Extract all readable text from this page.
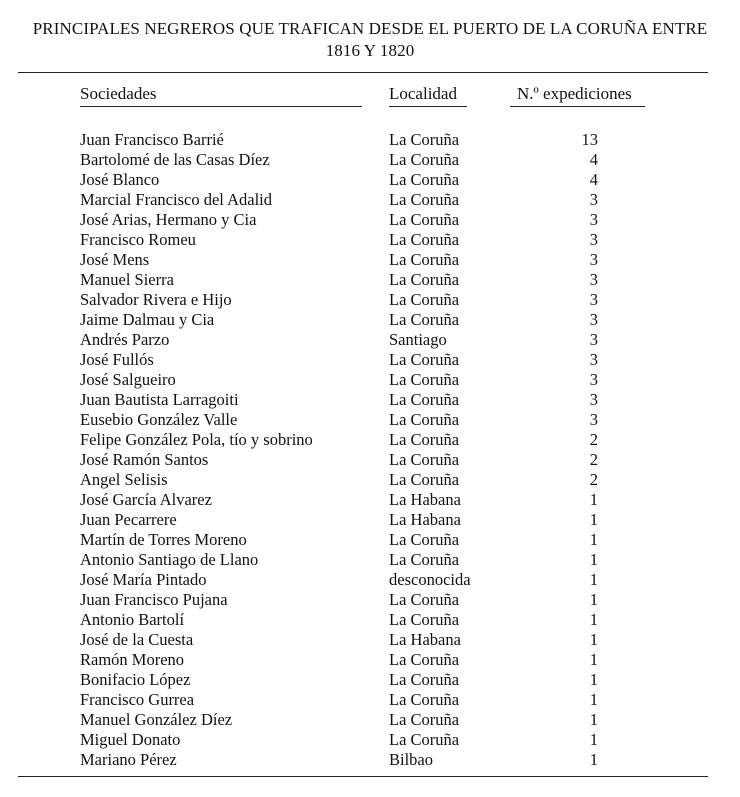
PRINCIPALES NEGREROS QUE TRAFICAN DESDE EL PUERTO DE LA CORUÑA ENTRE
1816 Y 1820
Sociedades	Localidad	N.º expediciones
Juan Francisco Barrié	La Coruña	13
Bartolomé de las Casas Díez	La Coruña	4
José Blanco	La Coruña	4
Marcial Francisco del Adalid	La Coruña	3
José Arias, Hermano y Cia	La Coruña	3
Francisco Romeu	La Coruña	3
José Mens	La Coruña	3
Manuel Sierra	La Coruña	3
Salvador Rivera e Hijo	La Coruña	3
Jaime Dalmau y Cia	La Coruña	3
Andrés Parzo	Santiago	3
José Fullós	La Coruña	3
José Salgueiro	La Coruña	3
Juan Bautista Larragoiti	La Coruña	3
Eusebio González Valle	La Coruña	3
Felipe González Pola, tío y sobrino	La Coruña	2
José Ramón Santos	La Coruña	2
Angel Selisis	La Coruña	2
José García Alvarez	La Habana	1
Juan Pecarrere	La Habana	1
Martín de Torres Moreno	La Coruña	1
Antonio Santiago de Llano	La Coruña	1
José María Pintado	desconocida	1
Juan Francisco Pujana	La Coruña	1
Antonio Bartolí	La Coruña	1
José de la Cuesta	La Habana	1
Ramón Moreno	La Coruña	1
Bonifacio López	La Coruña	1
Francisco Gurrea	La Coruña	1
Manuel González Díez	La Coruña	1
Miguel Donato	La Coruña	1
Mariano Pérez	Bilbao	1
